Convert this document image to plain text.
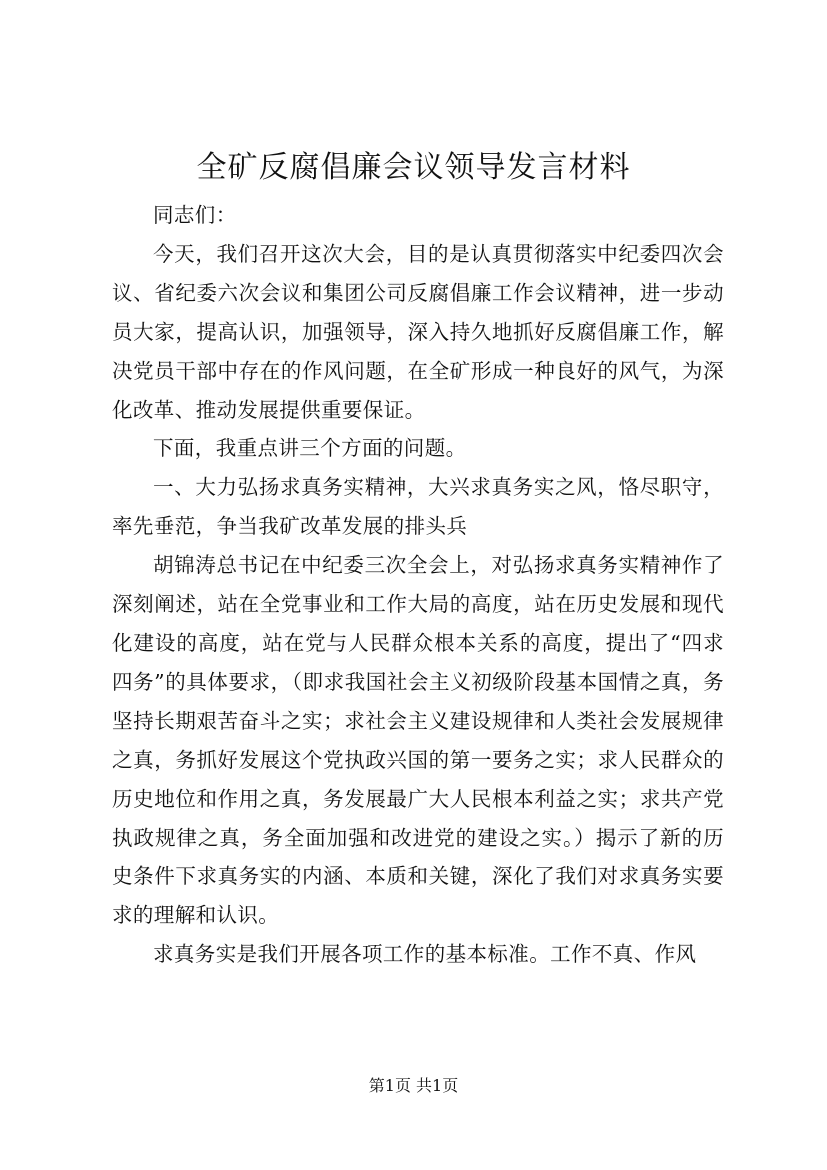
全矿反腐倡廉会议领导发言材料

同志们：

今天，我们召开这次大会，目的是认真贯彻落实中纪委四次会议、省纪委六次会议和集团公司反腐倡廉工作会议精神，进一步动员大家，提高认识，加强领导，深入持久地抓好反腐倡廉工作，解决党员干部中存在的作风问题，在全矿形成一种良好的风气，为深化改革、推动发展提供重要保证。

下面，我重点讲三个方面的问题。

一、大力弘扬求真务实精神，大兴求真务实之风，恪尽职守，率先垂范，争当我矿改革发展的排头兵

胡锦涛总书记在中纪委三次全会上，对弘扬求真务实精神作了深刻阐述，站在全党事业和工作大局的高度，站在历史发展和现代化建设的高度，站在党与人民群众根本关系的高度，提出了“四求四务”的具体要求，（即求我国社会主义初级阶段基本国情之真，务坚持长期艰苦奋斗之实；求社会主义建设规律和人类社会发展规律之真，务抓好发展这个党执政兴国的第一要务之实；求人民群众的历史地位和作用之真，务发展最广大人民根本利益之实；求共产党执政规律之真，务全面加强和改进党的建设之实。）揭示了新的历史条件下求真务实的内涵、本质和关键，深化了我们对求真务实要求的理解和认识。

求真务实是我们开展各项工作的基本标准。工作不真、作风

第1页 共1页
